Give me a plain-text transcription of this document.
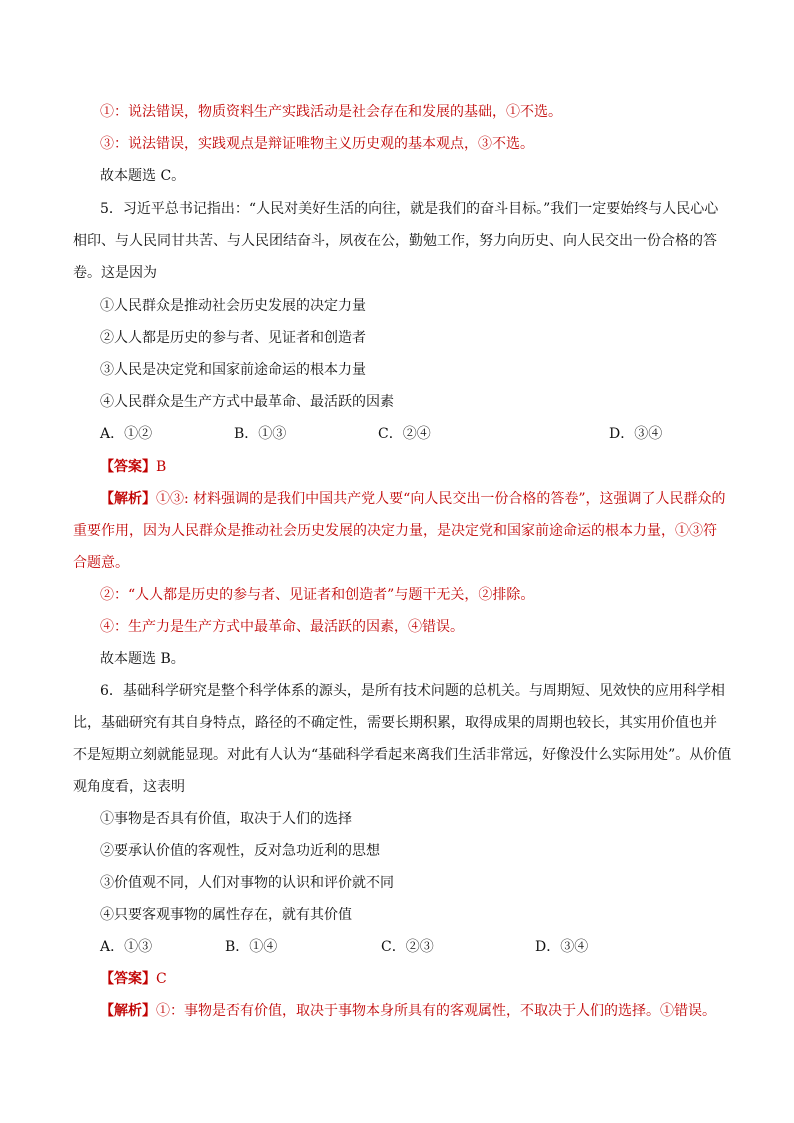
①：说法错误，物质资料生产实践活动是社会存在和发展的基础，①不选。
③：说法错误，实践观点是辩证唯物主义历史观的基本观点，③不选。
故本题选 C。
5．习近平总书记指出：“人民对美好生活的向往，就是我们的奋斗目标。”我们一定要始终与人民心心
相印、与人民同甘共苦、与人民团结奋斗，夙夜在公，勤勉工作，努力向历史、向人民交出一份合格的答
卷。这是因为
①人民群众是推动社会历史发展的决定力量
②人人都是历史的参与者、见证者和创造者
③人民是决定党和国家前途命运的根本力量
④人民群众是生产方式中最革命、最活跃的因素
A．①②	B．①③	C．②④	D．③④
【答案】B
【解析】①③: 材料强调的是我们中国共产党人要“向人民交出一份合格的答卷”，这强调了人民群众的
重要作用，因为人民群众是推动社会历史发展的决定力量，是决定党和国家前途命运的根本力量，①③符
合题意。
②：“人人都是历史的参与者、见证者和创造者”与题干无关，②排除。
④：生产力是生产方式中最革命、最活跃的因素，④错误。
故本题选 B。
6．基础科学研究是整个科学体系的源头，是所有技术问题的总机关。与周期短、见效快的应用科学相
比，基础研究有其自身特点，路径的不确定性，需要长期积累，取得成果的周期也较长，其实用价值也并
不是短期立刻就能显现。对此有人认为“基础科学看起来离我们生活非常远，好像没什么实际用处”。从价值
观角度看，这表明
①事物是否具有价值，取决于人们的选择
②要承认价值的客观性，反对急功近利的思想
③价值观不同，人们对事物的认识和评价就不同
④只要客观事物的属性存在，就有其价值
A．①③	B．①④	C．②③	D．③④
【答案】C
【解析】①：事物是否有价值，取决于事物本身所具有的客观属性，不取决于人们的选择。①错误。
